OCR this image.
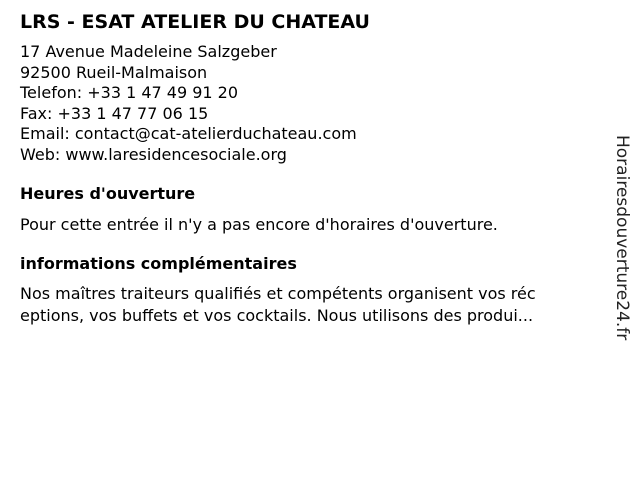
LRS - ESAT ATELIER DU CHATEAU
17 Avenue Madeleine Salzgeber
92500 Rueil-Malmaison
Telefon: +33 1 47 49 91 20
Fax: +33 1 47 77 06 15
Email: contact@cat-atelierduchateau.com
Web: www.laresidencesociale.org
Heures d'ouverture

Pour cette entrée il n'y a pas encore d'horaires d'ouverture.

informations complémentaires
Nos maîtres traiteurs qualifiés et compétents organisent vos réc
eptions, vos buffets et vos cocktails. Nous utilisons des produi...	Horairesdouverture24.fr
